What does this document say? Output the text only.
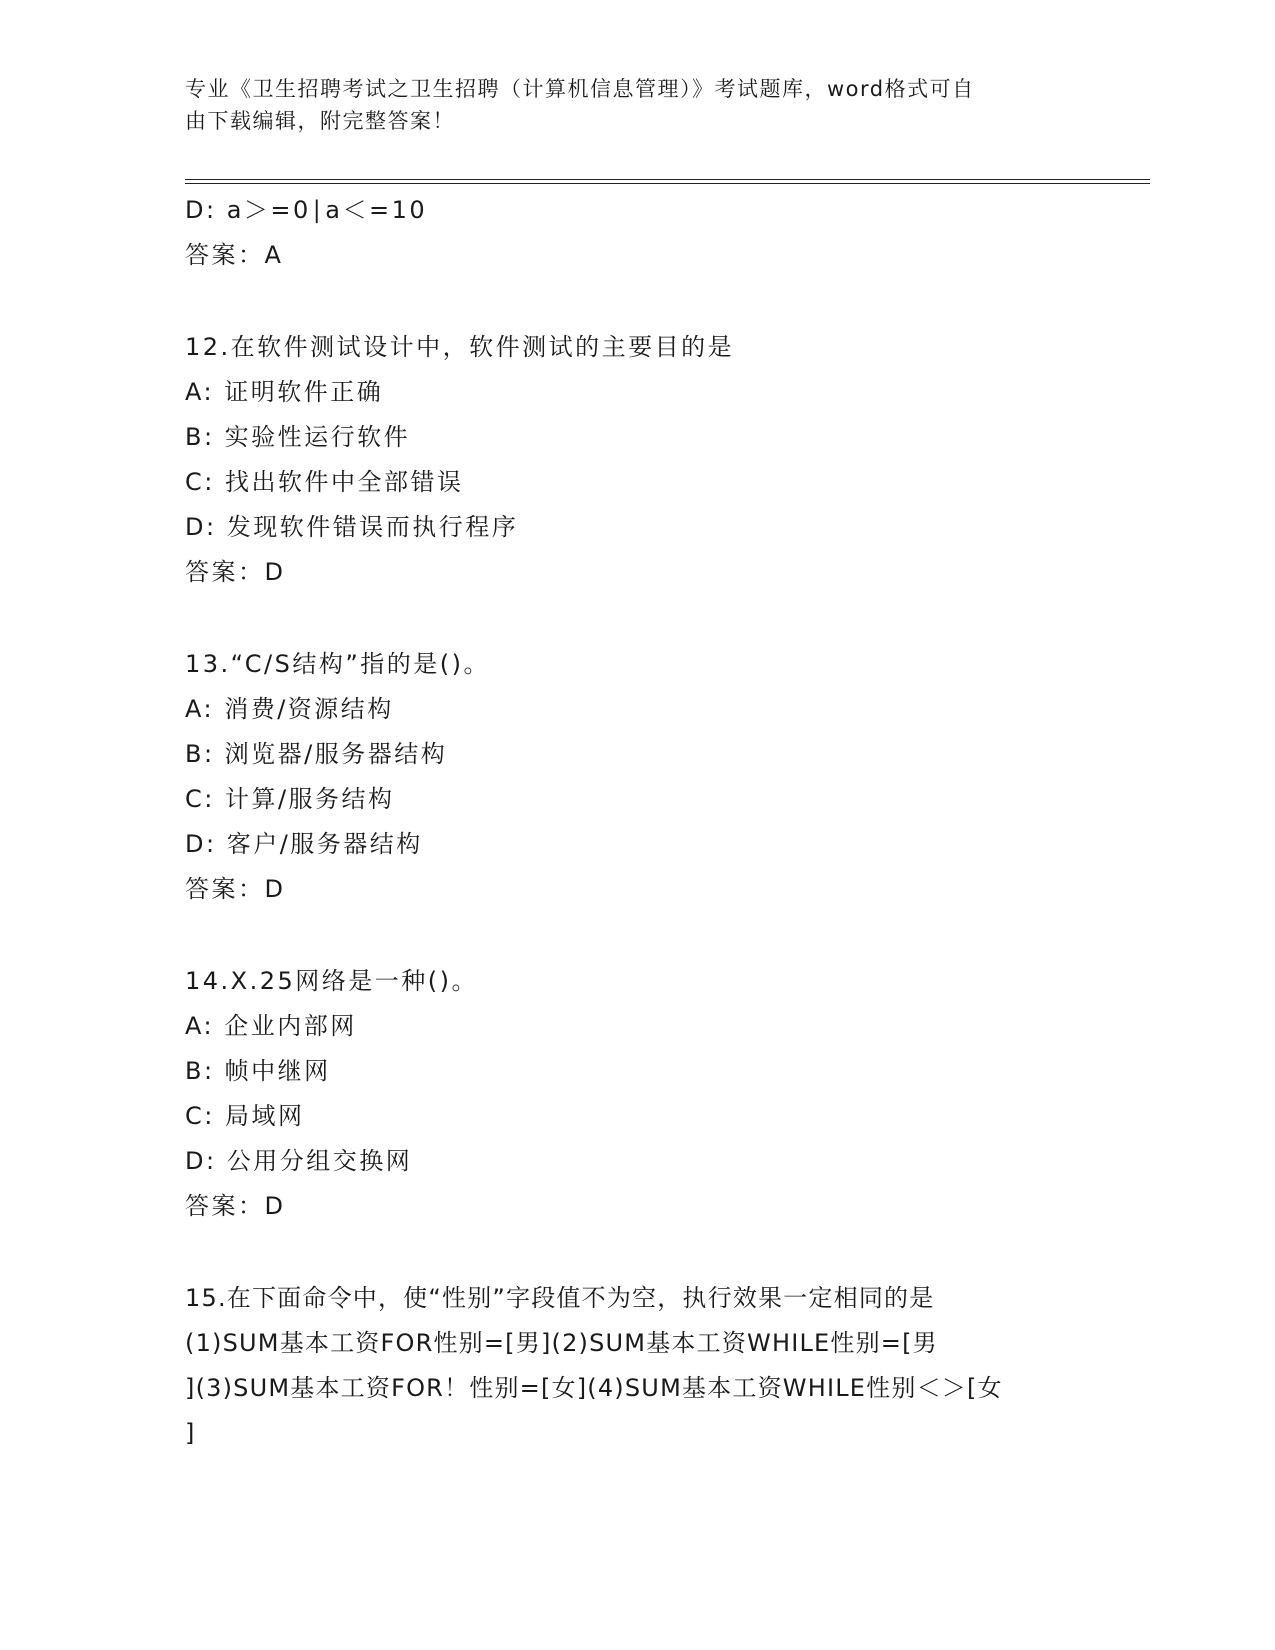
专业《卫生招聘考试之卫生招聘（计算机信息管理）》考试题库，word格式可自
由下载编辑，附完整答案！
D: a＞=0∣a＜=10
答案：A
12.在软件测试设计中，软件测试的主要目的是
A: 证明软件正确
B: 实验性运行软件
C: 找出软件中全部错误
D: 发现软件错误而执行程序
答案：D
13.“C/S结构”指的是()。
A: 消费/资源结构
B: 浏览器/服务器结构
C: 计算/服务结构
D: 客户/服务器结构
答案：D
14.X.25网络是一种()。
A: 企业内部网
B: 帧中继网
C: 局域网
D: 公用分组交换网
答案：D
15.在下面命令中，使“性别”字段值不为空，执行效果一定相同的是
(1)SUM基本工资FOR性别=[男](2)SUM基本工资WHILE性别=[男
](3)SUM基本工资FOR！性别=[女](4)SUM基本工资WHILE性别＜＞[女
]
